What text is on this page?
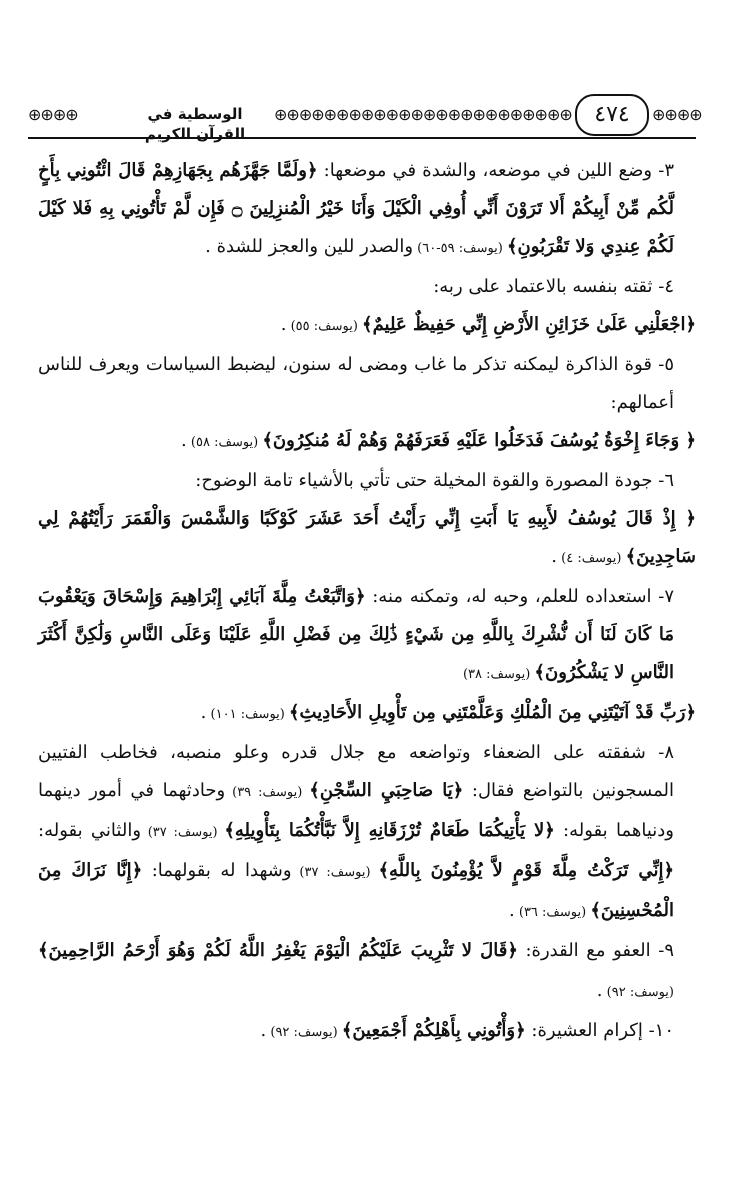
⊕⊕⊕⊕	الوسطية في القرآن الكريم
⊕⊕⊕⊕⊕⊕⊕⊕⊕⊕⊕⊕⊕⊕⊕⊕⊕⊕⊕⊕⊕⊕⊕⊕	⊕⊕⊕⊕
٤٧٤

٣- وضع اللين في موضعه، والشدة في موضعها: ﴿ولَمَّا جَهَّزَهُم بِجَهَازِهِمْ قَالَ ائْتُونِي بِأَخٍ لَّكُم مِّنْ أَبِيكُمْ أَلا تَرَوْنَ أَنِّي أُوفِي الْكَيْلَ وَأَنَا خَيْرُ الْمُنزِلِينَ ۝ فَإِن لَّمْ تَأْتُونِي بِهِ فَلا كَيْلَ لَكُمْ عِندِي وَلا تَقْرَبُونِ﴾ (يوسف: ٥٩-٦٠) والصدر للين والعجز للشدة .

٤- ثقته بنفسه بالاعتماد على ربه:

﴿اجْعَلْنِي عَلَىٰ خَزَائِنِ الأَرْضِ إِنِّي حَفِيظٌ عَلِيمٌ﴾ (يوسف: ٥٥) .

٥- قوة الذاكرة ليمكنه تذكر ما غاب ومضى له سنون، ليضبط السياسات ويعرف للناس أعمالهم:

﴿ وَجَاءَ إِخْوَةُ يُوسُفَ فَدَخَلُوا عَلَيْهِ فَعَرَفَهُمْ وَهُمْ لَهُ مُنكِرُونَ﴾ (يوسف: ٥٨) .

٦- جودة المصورة والقوة المخيلة حتى تأتي بالأشياء تامة الوضوح:

﴿ إِذْ قَالَ يُوسُفُ لأَبِيهِ يَا أَبَتِ إِنِّي رَأَيْتُ أَحَدَ عَشَرَ كَوْكَبًا وَالشَّمْسَ وَالْقَمَرَ رَأَيْتُهُمْ لِي سَاجِدِينَ﴾ (يوسف: ٤) .

٧- استعداده للعلم، وحبه له، وتمكنه منه: ﴿وَاتَّبَعْتُ مِلَّةَ آبَائِي إِبْرَاهِيمَ وَإِسْحَاقَ وَيَعْقُوبَ مَا كَانَ لَنَا أَن نُّشْرِكَ بِاللَّهِ مِن شَيْءٍ ذَٰلِكَ مِن فَضْلِ اللَّهِ عَلَيْنَا وَعَلَى النَّاسِ وَلَٰكِنَّ أَكْثَرَ النَّاسِ لا يَشْكُرُونَ﴾ (يوسف: ٣٨)

﴿رَبِّ قَدْ آتَيْتَنِي مِنَ الْمُلْكِ وَعَلَّمْتَنِي مِن تَأْوِيلِ الأَحَادِيثِ﴾ (يوسف: ١٠١) .

٨- شفقته على الضعفاء وتواضعه مع جلال قدره وعلو منصبه، فخاطب الفتيين المسجونين بالتواضع فقال: ﴿يَا صَاحِبَيِ السِّجْنِ﴾ (يوسف: ٣٩) وحادثهما في أمور دينهما ودنياهما بقوله: ﴿لا يَأْتِيكُمَا طَعَامٌ تُرْزَقَانِهِ إِلاَّ نَبَّأْتُكُمَا بِتَأْوِيلِهِ﴾ (يوسف: ٣٧) والثاني بقوله: ﴿إِنِّي تَرَكْتُ مِلَّةَ قَوْمٍ لاَّ يُؤْمِنُونَ بِاللَّهِ﴾ (يوسف: ٣٧) وشهدا له بقولهما: ﴿إِنَّا نَرَاكَ مِنَ الْمُحْسِنِينَ﴾ (يوسف: ٣٦) .

٩- العفو مع القدرة: ﴿قَالَ لا تَثْرِيبَ عَلَيْكُمُ الْيَوْمَ يَغْفِرُ اللَّهُ لَكُمْ وَهُوَ أَرْحَمُ الرَّاحِمِينَ﴾ (يوسف: ٩٢) .

١٠- إكرام العشيرة: ﴿وَأْتُونِي بِأَهْلِكُمْ أَجْمَعِينَ﴾ (يوسف: ٩٢) .
